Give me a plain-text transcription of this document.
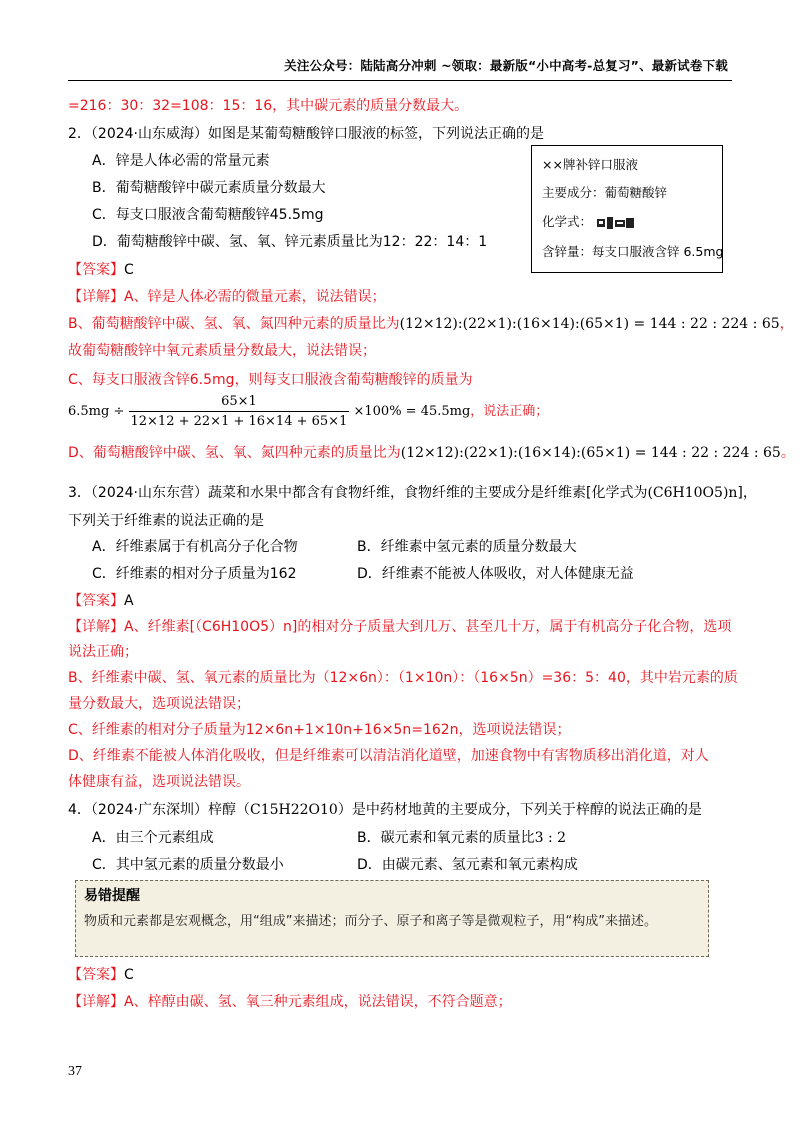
关注公众号：陆陆高分冲刺 ~领取：最新版“小中高考-总复习”、最新试卷下载
=216：30：32=108：15：16，其中碳元素的质量分数最大。
2．（2024·山东威海）如图是某葡萄糖酸锌口服液的标签，下列说法正确的是
A．锌是人体必需的常量元素
B．葡萄糖酸锌中碳元素质量分数最大
C．每支口服液含葡萄糖酸锌45.5mg
D．葡萄糖酸锌中碳、氢、氧、锌元素质量比为12：22：14：1
××牌补锌口服液
主要成分：葡萄糖酸锌
化学式：
含锌量：每支口服液含锌 6.5mg
【答案】C
【详解】A、锌是人体必需的微量元素，说法错误；
B、葡萄糖酸锌中碳、氢、氧、氮四种元素的质量比为(12×12):(22×1):(16×14):(65×1) = 144 : 22 : 224 : 65，
故葡萄糖酸锌中氧元素质量分数最大，说法错误；
C、每支口服液含锌6.5mg，则每支口服液含葡萄糖酸锌的质量为
$6.5mg \div \frac{65\times 1}{12\times 12 + 22\times 1 + 16\times 14 + 65\times 1} \times 100\% = 45.5mg$，说法正确；
D、葡萄糖酸锌中碳、氢、氧、氮四种元素的质量比为(12×12):(22×1):(16×14):(65×1) = 144 : 22 : 224 : 65。
3．（2024·山东东营）蔬菜和水果中都含有食物纤维，食物纤维的主要成分是纤维素[化学式为(C6H10O5)n]，
下列关于纤维素的说法正确的是
A．纤维素属于有机高分子化合物	B．纤维素中氢元素的质量分数最大
C．纤维素的相对分子质量为162	D．纤维素不能被人体吸收，对人体健康无益
【答案】A
【详解】A、纤维素[（C6H10O5）n]的相对分子质量大到几万、甚至几十万，属于有机高分子化合物，选项
说法正确；
B、纤维素中碳、氢、氧元素的质量比为（12×6n）：（1×10n）：（16×5n）=36：5：40，其中岩元素的质
量分数最大，选项说法错误；
C、纤维素的相对分子质量为12×6n+1×10n+16×5n=162n，选项说法错误；
D、纤维素不能被人体消化吸收，但是纤维素可以清洁消化道壁，加速食物中有害物质移出消化道，对人
体健康有益，选项说法错误。
4．（2024·广东深圳）梓醇（C15H22O10）是中药材地黄的主要成分，下列关于梓醇的说法正确的是
A．由三个元素组成	B．碳元素和氧元素的质量比3 : 2
C．其中氢元素的质量分数最小	D．由碳元素、氢元素和氧元素构成
易错提醒
物质和元素都是宏观概念，用“组成”来描述；而分子、原子和离子等是微观粒子，用“构成”来描述。
【答案】C
【详解】A、梓醇由碳、氢、氧三种元素组成，说法错误，不符合题意；
37
